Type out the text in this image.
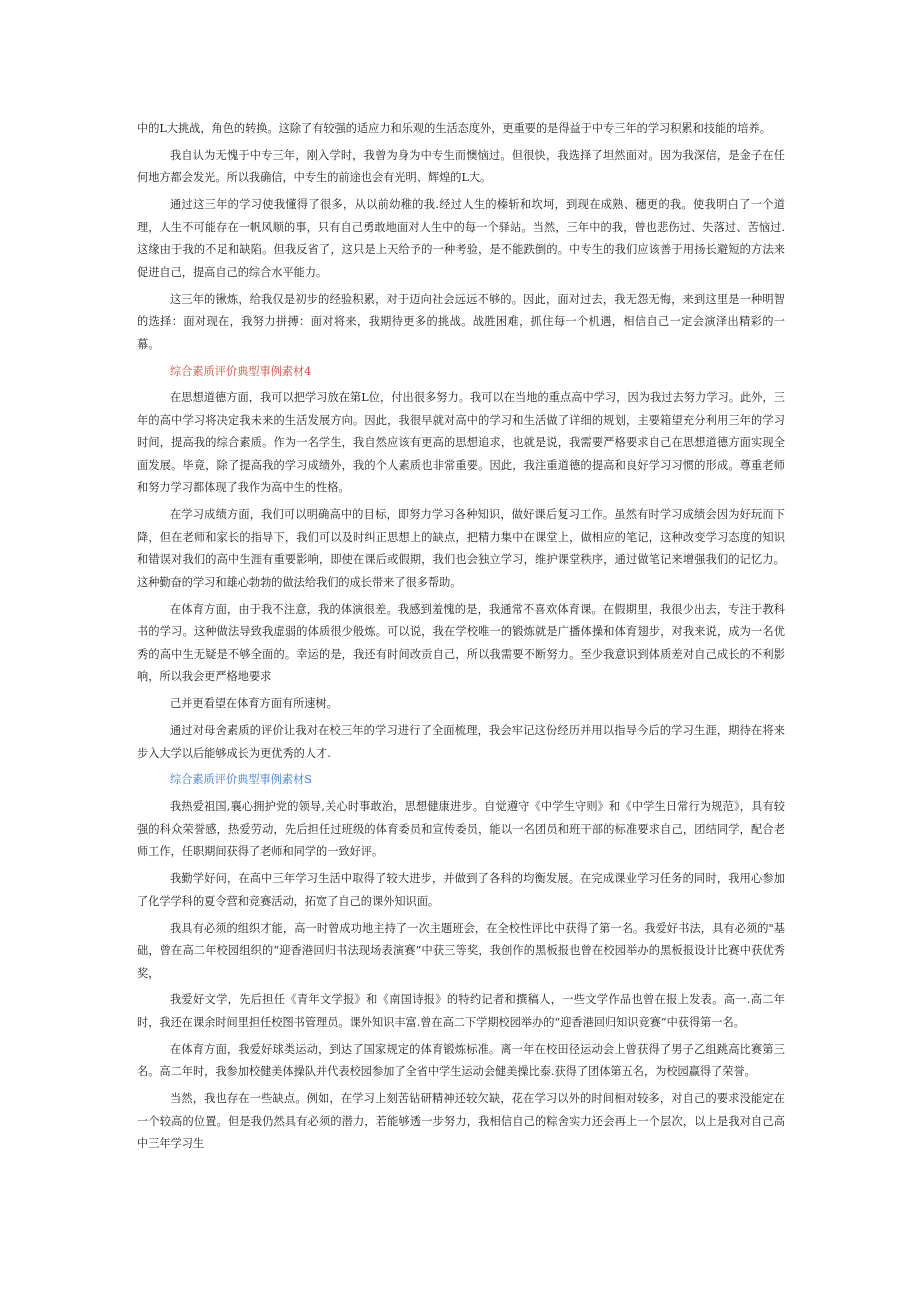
中的L大挑战，角色的转换。这除了有较强的适应力和乐观的生活态度外，更重要的是得益于中专三年的学习积累和技能的培养。

我自认为无愧于中专三年，刚入学时，我曾为身为中专生而懊恼过。但很快，我选择了坦然面对。因为我深信，是金子在任何地方都会发光。所以我确信，中专生的前途也会有光明、辉煌的L大。

通过这三年的学习使我懂得了很多，从以前幼稚的我.经过人生的榛斩和坎坷，到现在成熟、穗更的我。使我明白了一个道理，人生不可能存在一帆风顺的事，只有自己勇敢地面对人生中的每一个驿站。当然，三年中的我，曾也悲伤过、失落过、苦恼过.这缘由于我的不足和缺陷。但我反省了，这只是上天给予的一种考验，是不能跌倒的。中专生的我们应该善于用扬长避短的方法来促进自己，提高自己的综合水平能力。

这三年的锹炼，给我仅是初步的经验积累，对于迈向社会远远不够的。因此，面对过去，我无怨无悔，来到这里是一种明智的选择：面对现在，我努力拼搏：面对将来，我期待更多的挑战。战胜困难，抓住每一个机遇，相信自己一定会演泽出精彩的一幕。

综合素质评价典型事例素材4

在思想道德方面，我可以把学习放在第L位，付出很多努力。我可以在当地的重点高中学习，因为我过去努力学习。此外，三年的高中学习将决定我未来的生活发展方向。因此，我很早就对高中的学习和生活做了详细的规划，主要箱望充分利用三年的学习时间，提高我的综合素质。作为一名学生，我自然应该有更高的思想追求，也就是说，我需要严格要求自己在思想道德方面实现全面发展。毕竟，除了提高我的学习成绩外，我的个人素质也非常重要。因此，我注重道德的提高和良好学习习惯的形成。尊重老师和努力学习都体现了我作为高中生的性格。

在学习成绩方面，我们可以明确高中的目标，即努力学习各种知识，做好课后复习工作。虽然有时学习成绩会因为好玩而下降，但在老师和家长的指导下，我们可以及时纠正思想上的缺点，把精力集中在课堂上，做相应的笔记，这种改变学习态度的知识和错误对我们的高中生涯有重要影响，即使在课后或假期，我们也会独立学习，维护课堂秩序，通过做笔记来增强我们的记忆力。这种勤奋的学习和雄心勃勃的做法给我们的成长带来了很多帮助。

在体育方面，由于我不注意，我的体演很差。我感到羞愧的是，我通常不喜欢体育课。在假期里，我很少出去，专注于教科书的学习。这种做法导致我虚弱的体质很少般炼。可以说，我在学校唯一的锻炼就是广播体操和体育翅步，对我来说，成为一名优秀的高中生无疑是不够全面的。幸运的是，我还有时间改贡自己，所以我需要不断努力。至少我意识到体质差对自己成长的不利影响，所以我会更严格地要求

己并更看望在体育方面有所速树。

通过对母舍素质的评价让我对在校三年的学习进行了全面梳理，我会牢记这份经历并用以指导今后的学习生涯，期待在将来步入大学以后能够成长为更优秀的人才.

综合素质评价典型事例素材S

我热爱祖国,襄心拥护党的领导,关心时事敢治，思想健康进步。自觉遵守《中学生守则》和《中学生日常行为规范》，具有较强的科众荣誉感，热爱劳动，先后担任过班级的体育委员和宣传委员，能以一名团员和班干部的标准要求自己，团结同学，配合老师工作，任职期间获得了老师和同学的一致好评。

我勤学好问，在高中三年学习生活中取得了较大进步，并做到了各科的均衡发展。在完成课业学习任务的同时，我用心参加了化学学科的夏令营和竞赛活动，拓宽了自己的课外知识面。

我具有必须的组织才能，高一时曾成功地主持了一次主题班会，在全校性评比中获得了第一名。我爱好书法，具有必须的"基础，曾在高二年校园组织的“迎香港回归书法现场表演赛”中获三等奖，我创作的黑板报也曾在校园举办的黑板报设计比赛中获优秀奖，

我爱好文学，先后担任《青年文学报》和《南国诗报》的特约记者和撰稿人，一些文学作品也曾在报上发表。高一.高二年时，我还在课余时间里担任校图书管理员。课外知识丰富.曾在高二下学期校园举办的“迎香港回归知识竞赛”中获得第一名。

在体育方面，我爱好球类运动，到达了国家规定的体育锻炼标准。离一年在校田径运动会上曾获得了男子乙组跳高比赛第三名。高二年时，我参加校健美体操队并代表校园参加了全省中学生运动会健美操比泰.获得了团体第五名，为校园赢得了荣誉。

当然，我也存在一些缺点。例如，在学习上刻苦钻研精神还较欠缺，花在学习以外的时间相对较多，对自己的要求没能定在一个较高的位置。但是我仍然具有必须的潜力，若能够透一步努力，我相信自己的粽舍实力还会再上一个层次，以上是我对自己高中三年学习生
